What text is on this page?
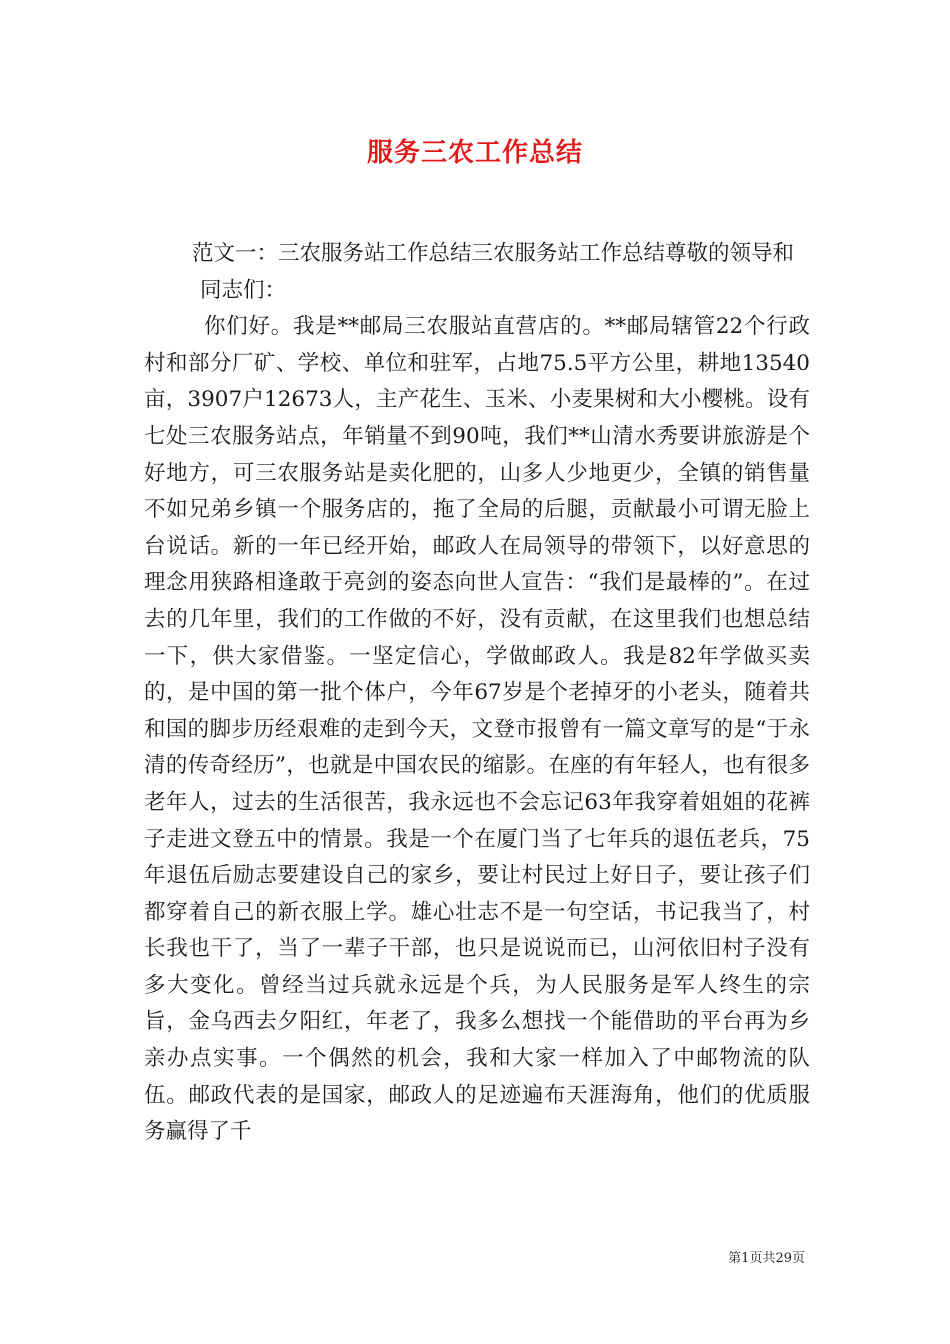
服务三农工作总结

范文一：三农服务站工作总结三农服务站工作总结尊敬的领导和

同志们：

你们好。我是**邮局三农服站直营店的。**邮局辖管22个行政村和部分厂矿、学校、单位和驻军，占地75.5平方公里，耕地13540亩，3907户12673人，主产花生、玉米、小麦果树和大小樱桃。设有七处三农服务站点，年销量不到90吨，我们**山清水秀要讲旅游是个好地方，可三农服务站是卖化肥的，山多人少地更少，全镇的销售量不如兄弟乡镇一个服务店的，拖了全局的后腿，贡献最小可谓无脸上台说话。新的一年已经开始，邮政人在局领导的带领下，以好意思的理念用狭路相逢敢于亮剑的姿态向世人宣告：“我们是最棒的”。在过去的几年里，我们的工作做的不好，没有贡献，在这里我们也想总结一下，供大家借鉴。一坚定信心，学做邮政人。我是82年学做买卖的，是中国的第一批个体户，今年67岁是个老掉牙的小老头，随着共和国的脚步历经艰难的走到今天，文登市报曾有一篇文章写的是“于永清的传奇经历”，也就是中国农民的缩影。在座的有年轻人，也有很多老年人，过去的生活很苦，我永远也不会忘记63年我穿着姐姐的花裤子走进文登五中的情景。我是一个在厦门当了七年兵的退伍老兵，75年退伍后励志要建设自己的家乡，要让村民过上好日子，要让孩子们都穿着自己的新衣服上学。雄心壮志不是一句空话，书记我当了，村长我也干了，当了一辈子干部，也只是说说而已，山河依旧村子没有多大变化。曾经当过兵就永远是个兵，为人民服务是军人终生的宗旨，金乌西去夕阳红，年老了，我多么想找一个能借助的平台再为乡亲办点实事。一个偶然的机会，我和大家一样加入了中邮物流的队伍。邮政代表的是国家，邮政人的足迹遍布天涯海角，他们的优质服务赢得了千

第1页共29页
